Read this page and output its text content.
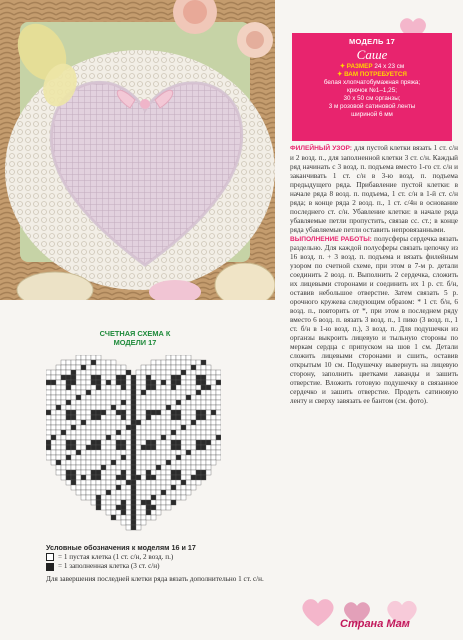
МОДЕЛЬ 17
Саше
✦ РАЗМЕР 24 х 23 см
✦ ВАМ ПОТРЕБУЕТСЯ
белая хлопчатобумажная пряжа;
крючок №1–1,25;
30 х 50 см органзы;
3 м розовой сатиновой ленты
шириной 6 мм

ФИЛЕЙНЫЙ УЗОР: для пустой клетки вязать 1 ст. с/н и 2 возд. п., для заполненной клетки 3 ст. с/н. Каждый ряд начинать с 3 возд. п. подъема вместо 1-го ст. с/н и заканчивать 1 ст. с/н в 3-ю возд. п. подъема предыдущего ряда. Прибавление пустой клетки: в начале ряда 8 возд. п. подъема, 1 ст. с/н в 1-й ст. с/н ряда; в конце ряда 2 возд. п., 1 ст. с/4н в основание последнего ст. с/н. Убавление клетки: в начале ряда убавляемые петли пропустить, связав сс. ст.; в конце ряда убавляемые петли оставить непровязанными.

ВЫПОЛНЕНИЕ РАБОТЫ: полусферы сердечка вязать раздельно. Для каждой полусферы связать цепочку из 16 возд. п. + 3 возд. п. подъема и вязать филейным узором по счетной схеме, при этом в 7-м р. детали соединить 2 возд. п. Выполнить 2 сердечка, сложить их лицевыми сторонами и соединить их 1 р. ст. б/н, оставив небольшое отверстие. Затем связать 5 р. орочного кружева следующим образом: * 1 ст. б/н, 6 возд. п., повторить от *, при этом в последнем ряду вместо 6 возд. п. вязать 3 возд. п., 1 пико (3 возд. п., 1 ст. б/н в 1-ю возд. п.), 3 возд. п. Для подушечки из органзы выкроить лицевую и тыльную стороны по меркам сердца с припуском на шов 1 см. Детали сложить лицевыми сторонами и сшить, оставив открытым 10 см. Подушечку вывернуть на лицевую сторону, заполнить цветками лаванды и зашить отверстие. Вложить готовую подушечку в связанное сердечко и зашить отверстие. Продеть сатиновую ленту и сверху завязать ее бантом (см. фото).

СЧЕТНАЯ СХЕМА К МОДЕЛИ 17
Условные обозначения к моделям 16 и 17
= 1 пустая клетка (1 ст. с/н, 2 возд. п.)
= 1 заполненная клетка (3 ст. с/н)
Для завершения последней клетки ряда вязать дополнительно 1 ст. с/н.
Страна Мам
